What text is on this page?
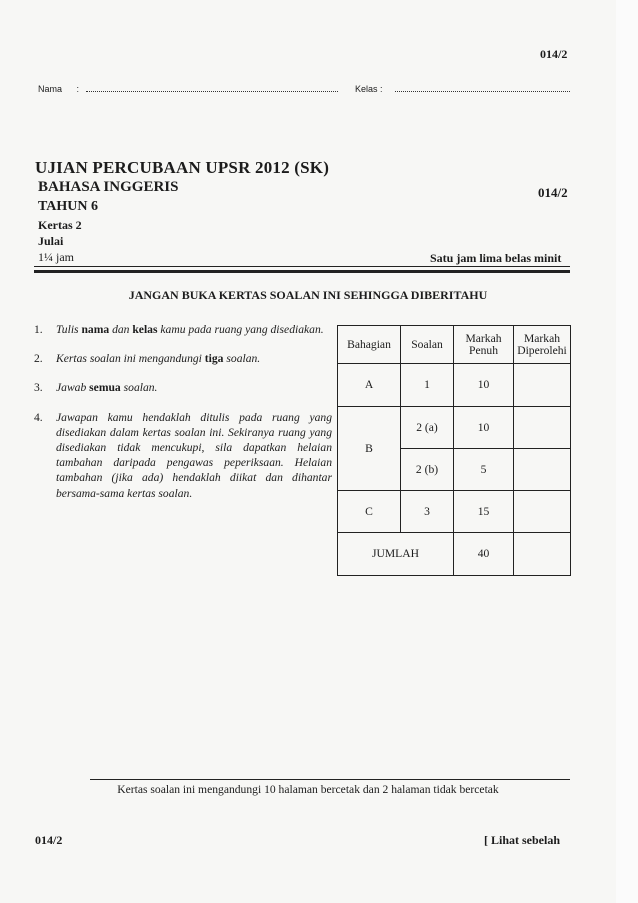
014/2
Nama :	Kelas :
UJIAN PERCUBAAN UPSR 2012 (SK)
BAHASA INGGERIS	014/2
TAHUN 6
Kertas 2
Julai
1¼ jam	Satu jam lima belas minit
JANGAN BUKA KERTAS SOALAN INI SEHINGGA DIBERITAHU
1. Tulis nama dan kelas kamu pada ruang yang disediakan.
2. Kertas soalan ini mengandungi tiga soalan.
3. Jawab semua soalan.
4. Jawapan kamu hendaklah ditulis pada ruang yang disediakan dalam kertas soalan ini. Sekiranya ruang yang disediakan tidak mencukupi, sila dapatkan helaian tambahan daripada pengawas peperiksaan. Helaian tambahan (jika ada) hendaklah diikat dan dihantar bersama-sama kertas soalan.
Bahagian	Soalan	Markah Penuh	Markah Diperolehi
A	1	10	
B	2 (a)	10	
	2 (b)	5	
C	3	15	
JUMLAH		40	
Kertas soalan ini mengandungi 10 halaman bercetak dan 2 halaman tidak bercetak
014/2	[ Lihat sebelah
